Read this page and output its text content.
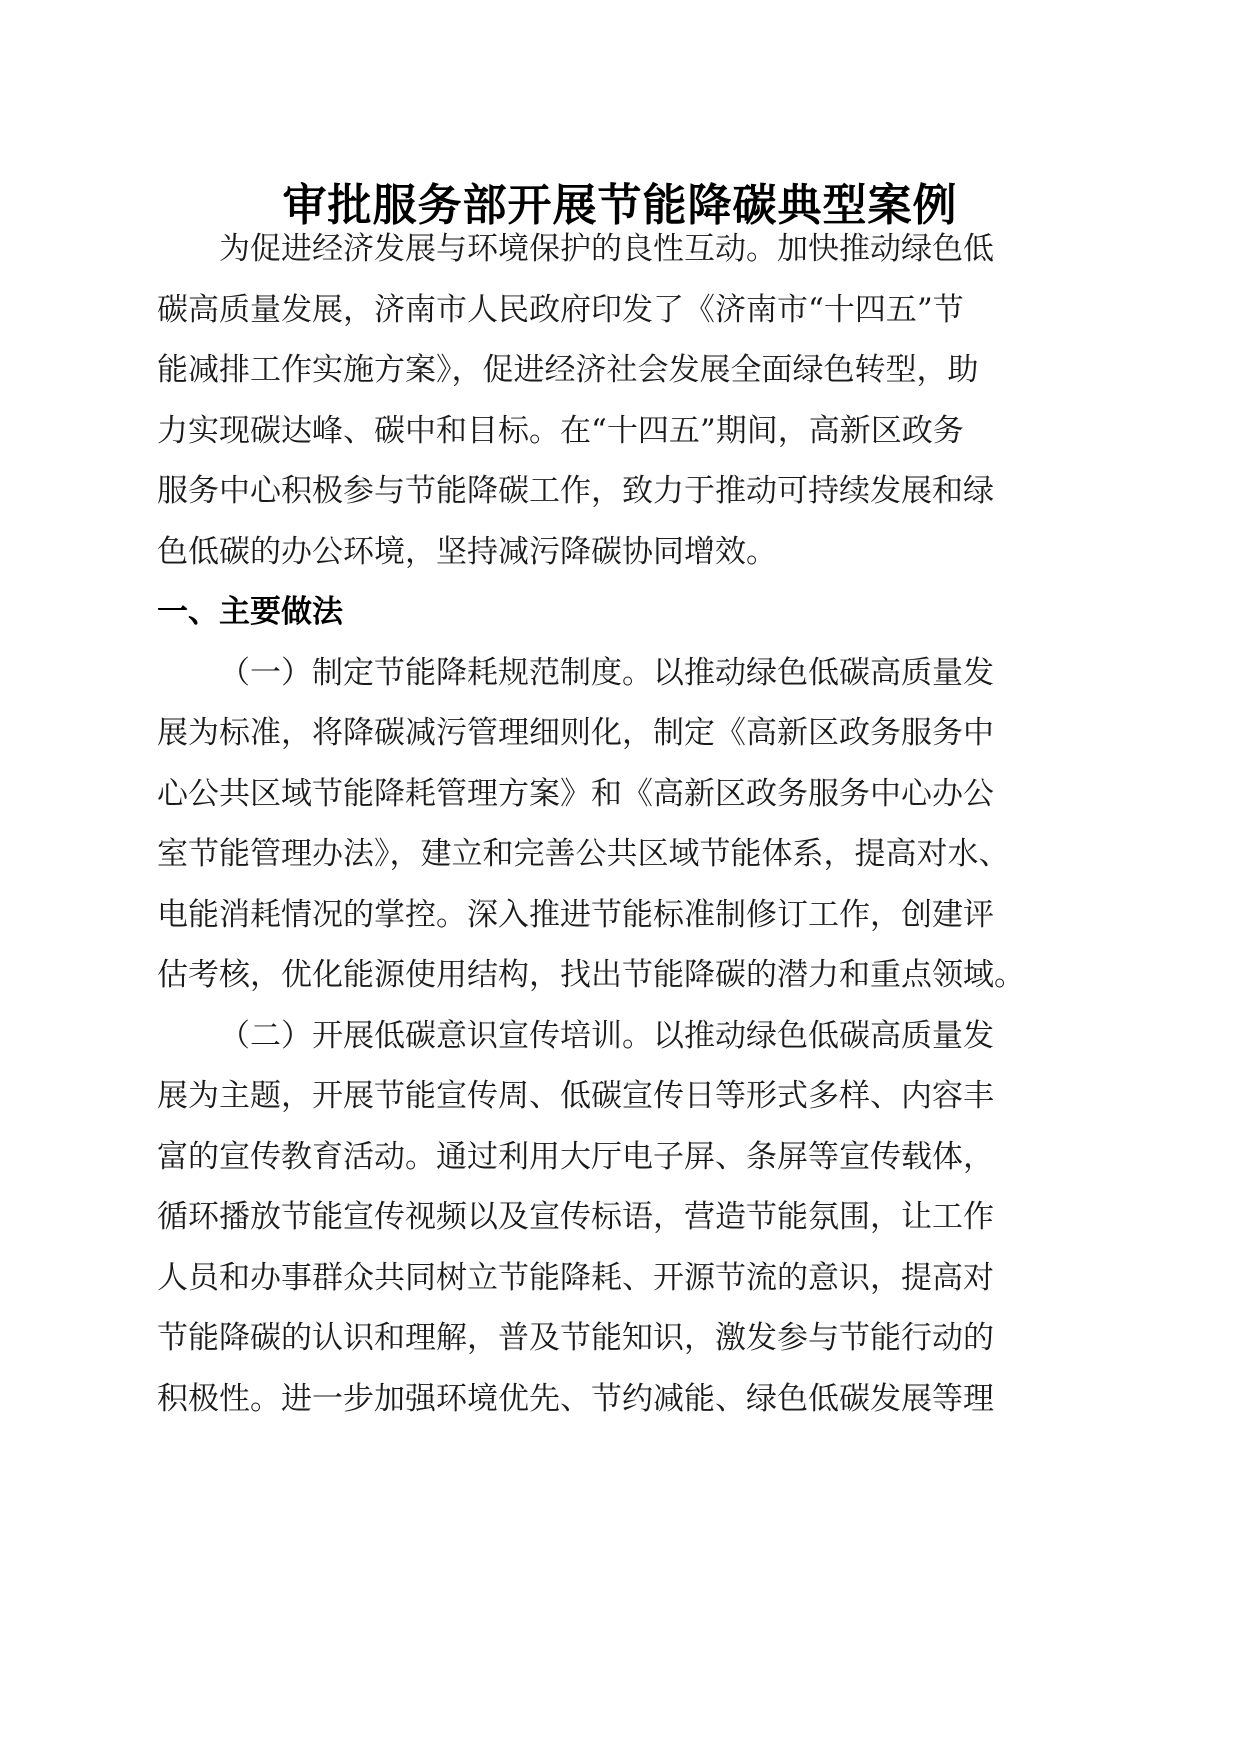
审批服务部开展节能降碳典型案例
为促进经济发展与环境保护的良性互动。加快推动绿色低
碳高质量发展，济南市人民政府印发了《济南市“十四五”节
能减排工作实施方案》，促进经济社会发展全面绿色转型，助
力实现碳达峰、碳中和目标。在“十四五”期间，高新区政务
服务中心积极参与节能降碳工作，致力于推动可持续发展和绿
色低碳的办公环境，坚持减污降碳协同增效。
一、主要做法
（一）制定节能降耗规范制度。以推动绿色低碳高质量发
展为标准，将降碳减污管理细则化，制定《高新区政务服务中
心公共区域节能降耗管理方案》和《高新区政务服务中心办公
室节能管理办法》，建立和完善公共区域节能体系，提高对水、
电能消耗情况的掌控。深入推进节能标准制修订工作，创建评
估考核，优化能源使用结构，找出节能降碳的潜力和重点领域。
（二）开展低碳意识宣传培训。以推动绿色低碳高质量发
展为主题，开展节能宣传周、低碳宣传日等形式多样、内容丰
富的宣传教育活动。通过利用大厅电子屏、条屏等宣传载体，
循环播放节能宣传视频以及宣传标语，营造节能氛围，让工作
人员和办事群众共同树立节能降耗、开源节流的意识，提高对
节能降碳的认识和理解，普及节能知识，激发参与节能行动的
积极性。进一步加强环境优先、节约减能、绿色低碳发展等理
